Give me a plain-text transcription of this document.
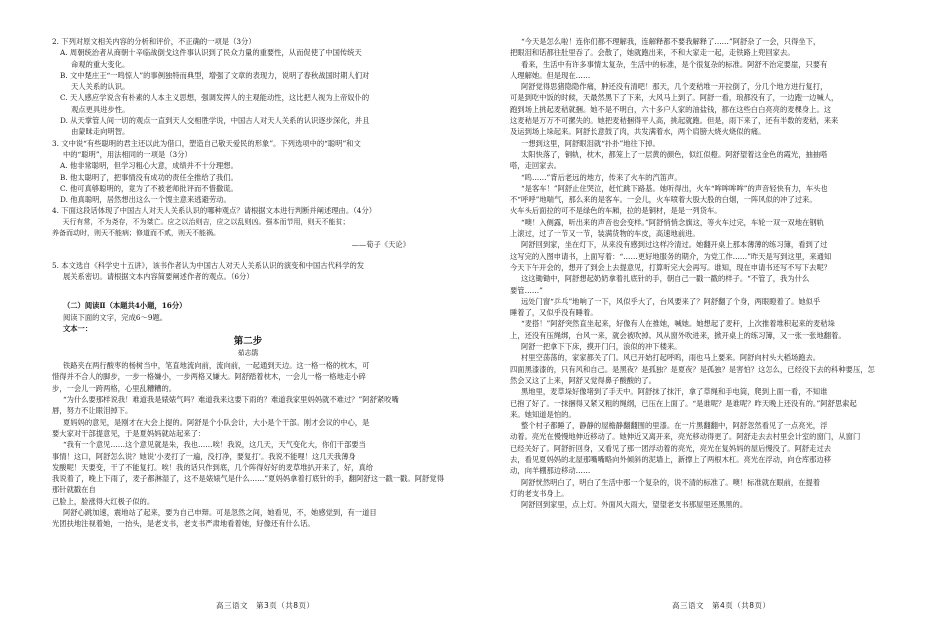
2. 下列对原文相关内容的分析和评价，不正确的一项是（3分）

A. 周朝统治者从商朝十辛临战倒戈这件事认识到了民众力量的重要性，从而促使了中国传统天

命观的重大变化。

B. 文中楚庄王“一鸣惊人”的事例独特而典型，增强了文章的表现力，说明了春秋战国时期人们对

天人关系的认识。

C. 天人感应学说含有朴素的人本主义思想，强调发挥人的主观能动性，这比把人视为上帝奴仆的

观点更具进步性。

D. 从天掌管人间一切的观点一直到天人交相胜学说，中国古人对天人关系的认识逐步深化，并且

由蒙昧走向明智。

3. 文中说“有些聪明的君主还以此为借口，塑造自己敬天爱民的形象”。下列选项中的“聪明”和文

中的“聪明”，用法相同的一项是（3分）

A. 他非常聪明，但学习粗心大意，成绩并不十分理想。

B. 他太聪明了，把事情没有成功的责任全推给了我们。

C. 他可真够聪明的，竟为了不被老师批评而不惜撒谎。

D. 他真聪明，居然想出这么一个馊主意来逃避劳动。

4. 下面这段话体现了中国古人对天人关系认识的哪种观点？请根据文本进行判断并阐述理由。（4分）

天行有常，不为尧存，不为桀亡。应之以治则吉，应之以乱则凶。强本而节用，则天不能贫；

养备而动时，则天不能病；修道而不贰，则天不能祸。

——荀子《天论》

5. 本文选自《科学史十五讲》，该书作者认为中国古人对天人关系认识的演变和中国古代科学的发

展关系密切。请根据文本内容简要阐述作者的观点。（6分）

（二）阅读Ⅱ（本题共4小题，16分）

阅读下面的文字，完成6～9题。

文本一：

第二步

茹志鹃

铁路夹在两行酸枣的杨树当中，笔直地流向前，流向前，一起通到天边。这一格一格的枕木，可

惜得并不合人的脚步，一步一格嫌小，一步两格又嫌大。阿舒踏着枕木，一会儿一格一格地走小碎

步，一会儿一跨两格，心里乱糟糟的。

“为什么要那样说我！难道我是婊婊气吗？难道我来这要下雨的？难道我家里妈妈就不难过？”阿舒紧咬嘴

唇，努力不让眼泪掉下。

夏妈妈的意见，是刚才在大会上提的。阿舒是个小队会计，大小是个干部。刚才会议的中心，是

要大家对干部提意见，于是夏妈妈就站起来了：

“我有一个意见……这个意见就是朱，我也……唉！我说，这几天，天气变化大，你们干部要当

事情！这口，阿舒怎么说？她说‘小麦打了一遍，没打净，要复打’。我说不能哩！这几天我薄身

发酸呢！天要变，干了不能复打。唉！我的话只作到底，几个阵得好好的麦草堆扒开来了，好，真给

我说着了，晚上下雨了，麦子都淋湿了，这不是婊婊气是什么……”夏妈妈拿着打底针的手，翻阿舒这一戳一戳。阿舒觉得那针就戳在自

己脸上，脸涨得大红极子似的。

阿舒心跳加速，震地站了起来，要为自己申辩。可是忽然之间，她看见，不，她感觉到，有一道目

光团扶地注视着她，一抬头，是老支书，老支书严肃地看着她，好像还有什么话。

“今天是怎么啦！连你们都不理解我，连解释都不要我解释了……”阿舒杂了一会，只得坐下，

把眼泪和话都往肚里吞了。会散了，她就跑出来，不和大家走一起，走铁路上兜回家去。

看来，生活中有许多事情太复杂，生活中的标准，是个很复杂的标准。阿舒不治定要崖，只要有

人理解她。但是现在……

阿舒觉得思猪隐隐作痛，肿还没有清吧！那天，几个麦秸堆一开拉倒了，分几个地方进行复打，

可是到吃中饭的时候，天最然黑下了下来，大风马上到了。阿舒一看，琅都没有了，一边跑一边喊人，

跑到场上挑起麦秸就捆。她不是不明白，六十多户人家的油盐钱，都在这些白白亮亮的麦棵身上。这

这麦秸是万万不可摞失的。她把麦秸捆得平人高，挑起就跑。但是，雨下来了，还有半数的麦秸，来来

及运到场上垛起来。阿舒长意鼓了肉，共发满着水，两个肩膀大烧火烧似的痛。

一想到这里，阿舒眼泪就“扑扑”地往下掉。

太阳快落了，铜轨，枕木，都笼上了一层黄的颜色，似红似橙。阿舒望着这金色的霞光，抽抽嗒

嗒，走回家去。

“呜……”背后老远的地方，传来了火车的汽笛声。

“是客车！”阿舒止住哭泣，赶忙跳下路基。她听得出，火车“哞哞哞哞”的声音轻快有力，车头也

不“呼呼”地喘气，那么来的是客车。一会儿，火车喷着大股大股的白烟，一阵风似的冲了过来。

火车头后面拉的可不是绿色的车厢，拉的是铜材，是是一列货车。

“噢！入侧露，听出来的声音也会变样。”阿舒悄悄念旗这，等火车过完，车轮一双一双地在钢轨

上滚过，过了一节又一节，装满货物的车皮，高速地前进。

阿舒回到家，坐在灯下，从来没有感到过这样冷清过。她翻开桌上那本薄薄的练习簿，看到了过

这写完的入图申请书，上面写着：“……更好地服务的期介，为党工作……”昨天是写到这里，来通知

今天下午开会的，想开了到会上去提意见，打算听完大会再写。谁知，现在申请书还写不写下去呢？

这这锄锄中，阿舒想起奶奶拿着扎底针的手，朝自己一戳一戳的样子。“不管了，我为什么

要管……”

远处门窗“乒乓”地响了一下，风似乎大了，台风要来了？阿舒翻了个身，两眼瞪着了。她似乎

睡着了，又似乎没有睡着。

“麦搭！”阿舒突然直坐起来，好像有人在推她，喊她。她想起了麦秆，上次推着堆积起来的麦秸垛

上，还没有压绳绑，台风一来，就会被吹掉。风从窗外吹进来，掀开桌上的练习簿，又一张一张地翻着。

阿舒一把拿下下床，摸开门闩，浪似的冲下楼来。

村里空荡荡的，家家都关了门。风已开始打起呼呜，雨也马上要来。阿舒向村头大稻场跑去。

四面黑漆漆的，只有风和自己。是黑夜？是孤独？是夏夜？是孤独？是害怕？这怎么，已经没下去的科种要压，怎

然会又这了上来，阿舒又觉得鼻子酸酸的了。

黑地里，麦草垛好像堵到了手天中。阿舒抹了抹汗，拿了草绳和手电筒，爬到上面一看，不知谁

已抱了好了。一抹捆得又紧又粗的绳纲，已压在上面了。“是谁呢？是谁呢？昨天晚上还没有的。”阿舒思索起

来。她知道是怕的。

整个村子都睡了，静静的屋檐静翻翻围的里漆。在一片黑翻翻中，阿舒忽然看见了一点亮光，浮

动着。亮光在慢慢地伸近移动了。她伸近又离开来，亮光移动得更了。阿舒走去去村里会计室的窗门，从窗门

已经关好了。阿舒折回身，又看见了那一团浮动着的亮光，亮光在复妈妈的屋后慢没了。阿舒走过去

去，看见夏妈妈的北屋那嘴嘴略向外倾斜的泥墙上，新撑上了两根木杠。亮光在浮动，向仓库那边移

动，向羊棚那边移动……

阿舒恍然明白了，明白了生活中那一个复杂的，说不清的标准了。噢！标准就在眼前，在提着

灯的老支书身上。

阿舒回到家里，点上灯。外面风大雨大，望望老支书那屋里还黑黑的。

高三语文　第3页（共8页）	高三语文　第4页（共8页）
